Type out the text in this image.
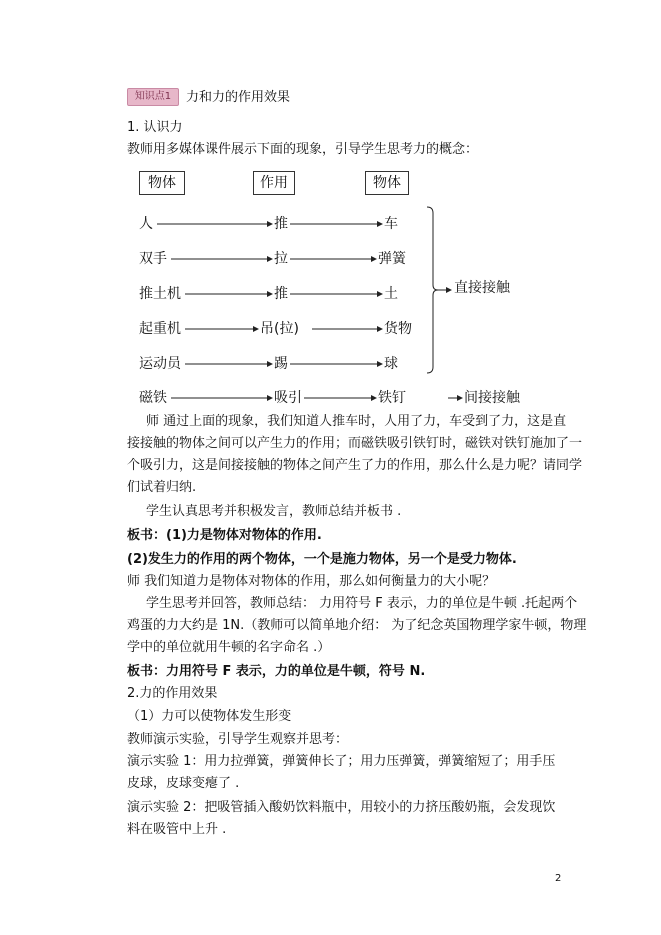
知识点1	力和力的作用效果
1. 认识力
教师用多媒体课件展示下面的现象，引导学生思考力的概念：
物体	作用	物体
人	推	车
双手	拉	弹簧
推土机	推	土
起重机	吊(拉)	货物
运动员	踢	球
直接接触
磁铁	吸引	铁钉	间接接触
师 通过上面的现象，我们知道人推车时，人用了力，车受到了力，这是直
接接触的物体之间可以产生力的作用；而磁铁吸引铁钉时，磁铁对铁钉施加了一
个吸引力，这是间接接触的物体之间产生了力的作用，那么什么是力呢？请同学
们试着归纳.
学生认真思考并积极发言，教师总结并板书 .
板书：(1)力是物体对物体的作用.
(2)发生力的作用的两个物体，一个是施力物体，另一个是受力物体.
师 我们知道力是物体对物体的作用，那么如何衡量力的大小呢？
学生思考并回答，教师总结： 力用符号 F 表示，力的单位是牛顿 .托起两个
鸡蛋的力大约是 1N.（教师可以简单地介绍： 为了纪念英国物理学家牛顿，物理
学中的单位就用牛顿的名字命名 .）
板书：力用符号 F 表示，力的单位是牛顿，符号 N.
2.力的作用效果
（1）力可以使物体发生形变
教师演示实验，引导学生观察并思考：
演示实验 1：用力拉弹簧，弹簧伸长了；用力压弹簧，弹簧缩短了；用手压
皮球，皮球变瘪了 .
演示实验 2：把吸管插入酸奶饮料瓶中，用较小的力挤压酸奶瓶，会发现饮
料在吸管中上升 .
2
